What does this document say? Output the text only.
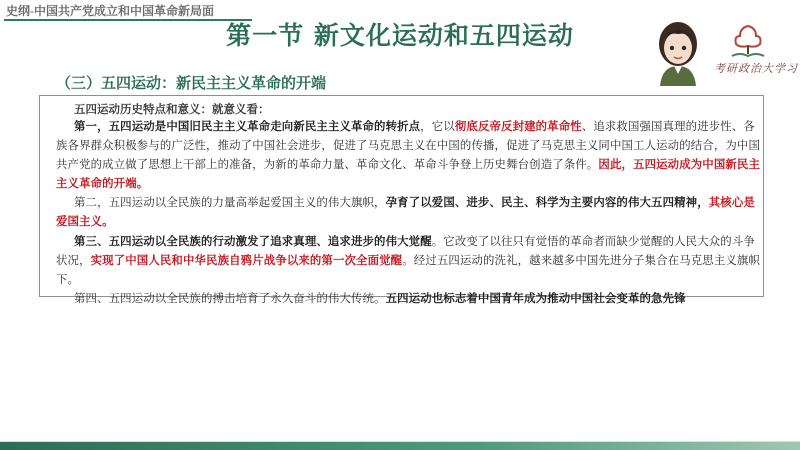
史纲-中国共产党成立和中国革命新局面
第一节 新文化运动和五四运动
考研政治大学习
（三）五四运动：新民主主义革命的开端
五四运动历史特点和意义：就意义看：
第一，五四运动是中国旧民主主义革命走向新民主主义革命的转折点，它以彻底反帝反封建的革命性、追求救国强国真理的进步性、各族各界群众积极参与的广泛性，推动了中国社会进步，促进了马克思主义在中国的传播，促进了马克思主义同中国工人运动的结合，为中国共产党的成立做了思想上干部上的准备，为新的革命力量、革命文化、革命斗争登上历史舞台创造了条件。因此，五四运动成为中国新民主主义革命的开端。
第二，五四运动以全民族的力量高举起爱国主义的伟大旗帜，孕育了以爱国、进步、民主、科学为主要内容的伟大五四精神，其核心是爱国主义。
第三、五四运动以全民族的行动激发了追求真理、追求进步的伟大觉醒。它改变了以往只有觉悟的革命者而缺少觉醒的人民大众的斗争状况，实现了中国人民和中华民族自鸦片战争以来的第一次全面觉醒。经过五四运动的洗礼，越来越多中国先进分子集合在马克思主义旗帜下。
第四、五四运动以全民族的搏击培育了永久奋斗的伟大传统。五四运动也标志着中国青年成为推动中国社会变革的急先锋
